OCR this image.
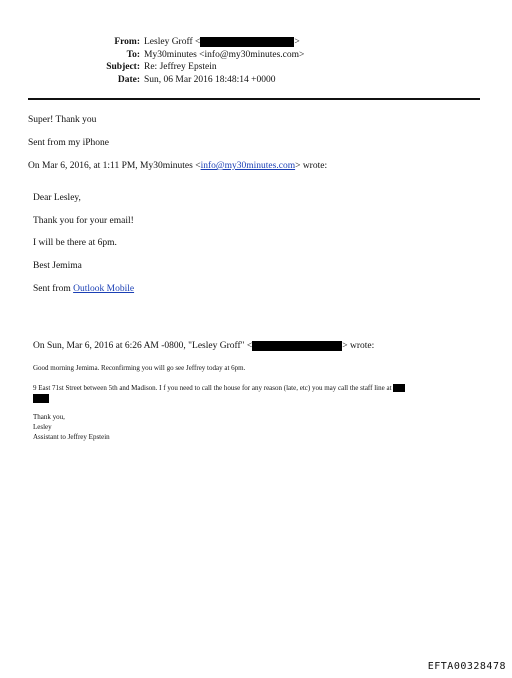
From: Lesley Groff <	>
To: My30minutes <info@my30minutes.com>
Subject: Re: Jeffrey Epstein
Date: Sun, 06 Mar 2016 18:48:14 +0000
Super! Thank you
Sent from my iPhone
On Mar 6, 2016, at 1:11 PM, My30minutes <info@my30minutes.com> wrote:
Dear Lesley,
Thank you for your email!
I will be there at 6pm.
Best Jemima
Sent from Outlook Mobile
On Sun, Mar 6, 2016 at 6:26 AM -0800, "Lesley Groff" <	> wrote:
Good morning Jemima. Reconfirming you will go see Jeffrey today at 6pm.
9 East 71st Street between 5th and Madison. I f you need to call the house for any reason (late, etc) you may call the staff line at
Thank you,
Lesley
Assistant to Jeffrey Epstein
EFTA00328478
